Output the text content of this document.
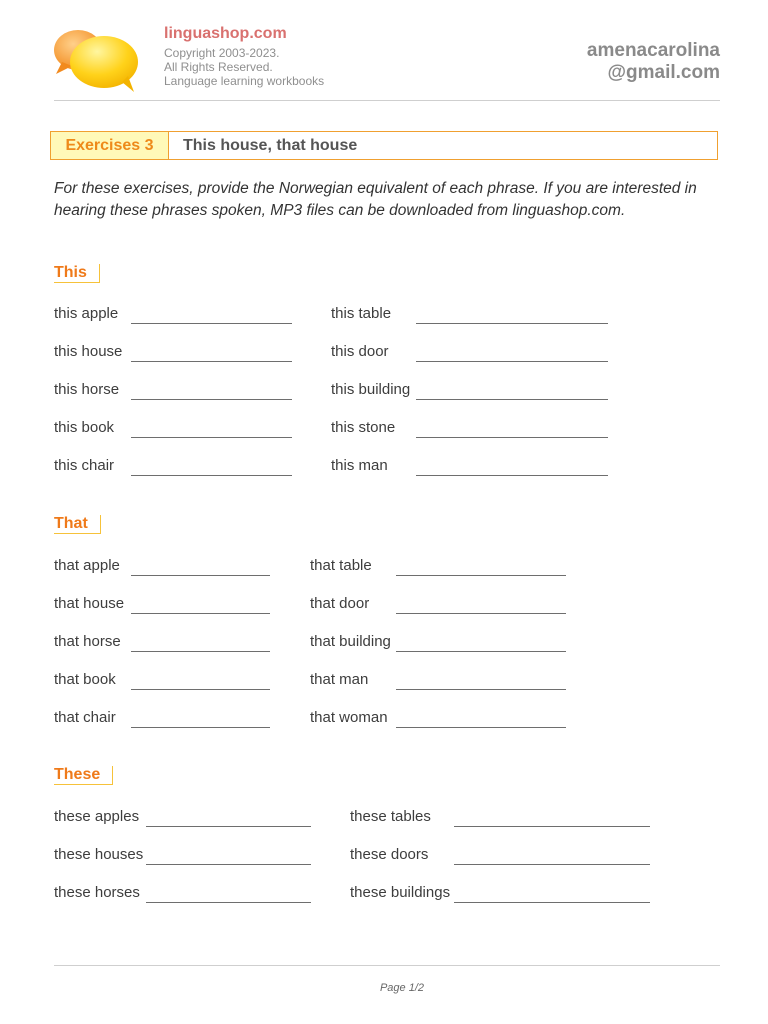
linguashop.com
Copyright 2003-2023.
All Rights Reserved.
Language learning workbooks
amenacarolina
@gmail.com
Exercises 3	This house, that house
For these exercises, provide the Norwegian equivalent of each phrase. If you are interested in hearing these phrases spoken, MP3 files can be downloaded from linguashop.com.
This
this apple	this table
this house	this door
this horse	this building
this book	this stone
this chair	this man
That
that apple	that table
that house	that door
that horse	that building
that book	that man
that chair	that woman
These
these apples	these tables
these houses	these doors
these horses	these buildings
Page 1/2
